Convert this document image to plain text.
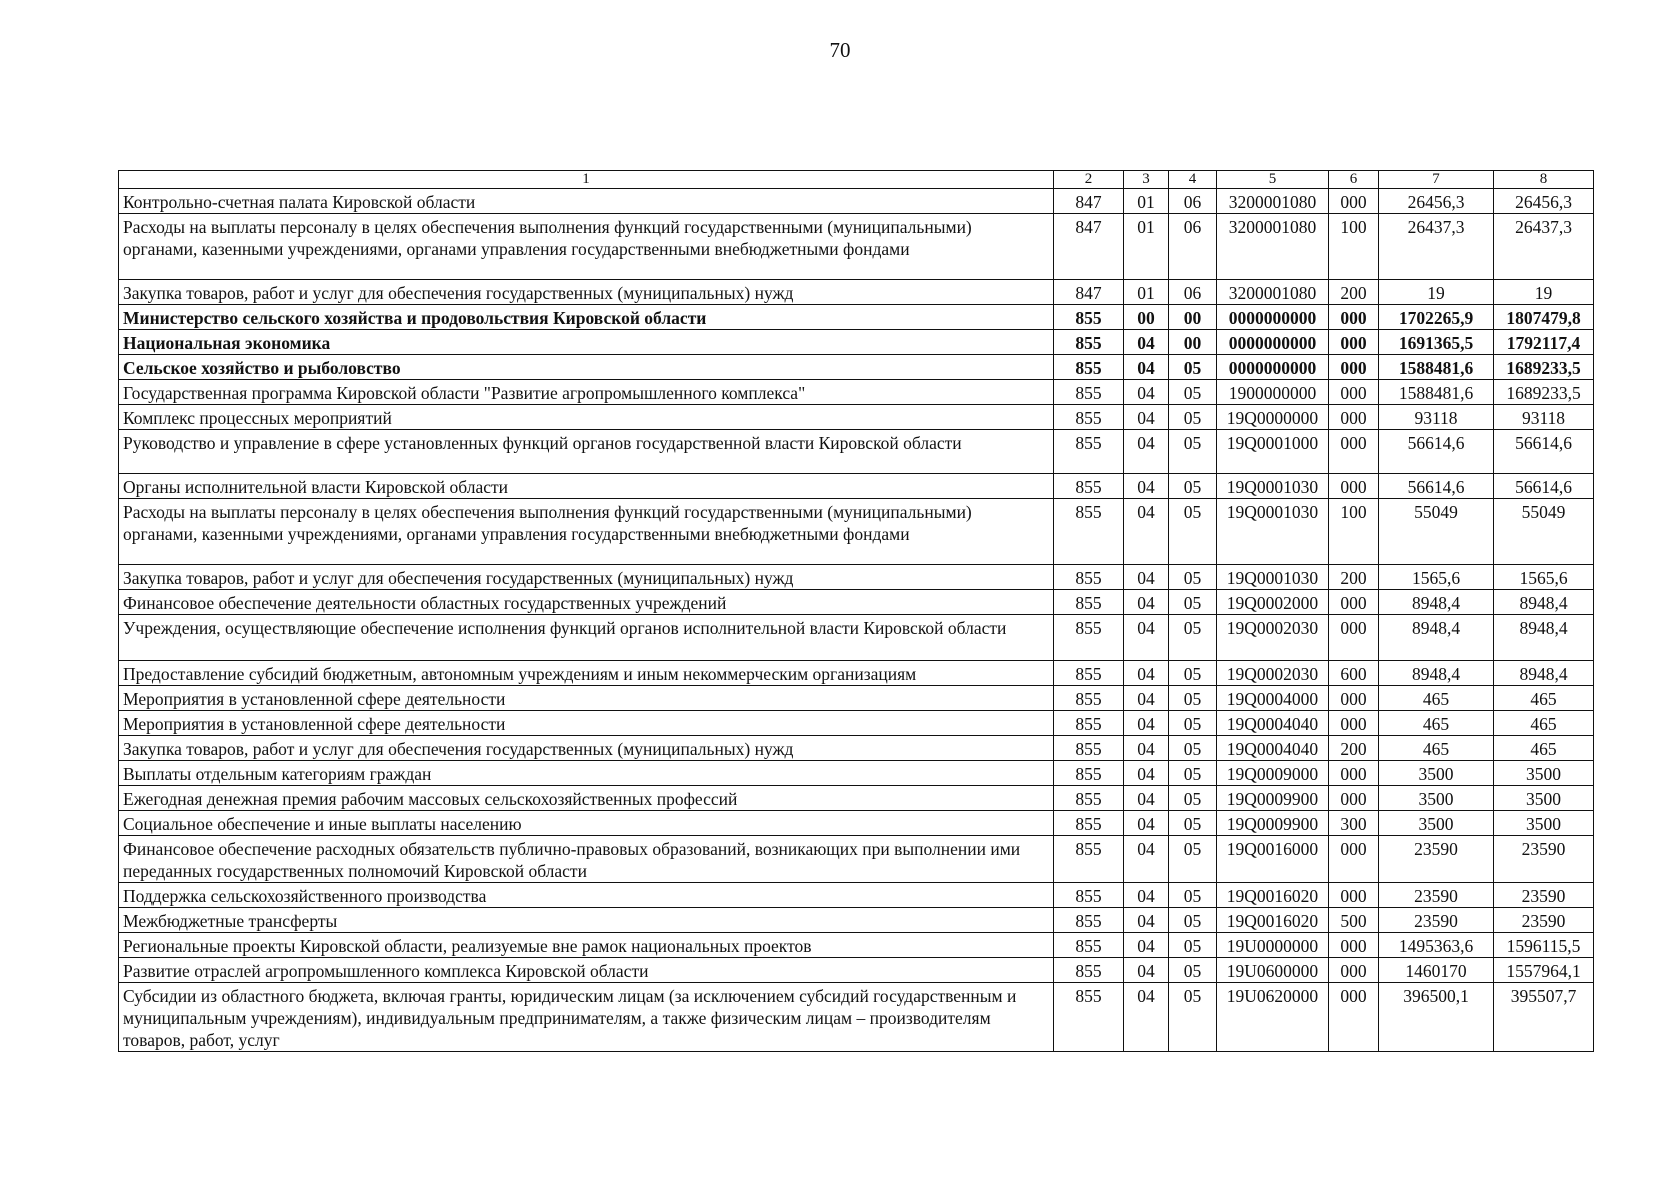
70
1	2	3	4	5	6	7	8
Контрольно-счетная палата Кировской области	847	01	06	3200001080	000	26456,3	26456,3
Расходы на выплаты персоналу в целях обеспечения выполнения функций государственными (муниципальными) органами, казенными учреждениями, органами управления государственными внебюджетными фондами	847	01	06	3200001080	100	26437,3	26437,3
Закупка товаров, работ и услуг для обеспечения государственных (муниципальных) нужд	847	01	06	3200001080	200	19	19
Министерство сельского хозяйства и продовольствия Кировской области	855	00	00	0000000000	000	1702265,9	1807479,8
Национальная экономика	855	04	00	0000000000	000	1691365,5	1792117,4
Сельское хозяйство и рыболовство	855	04	05	0000000000	000	1588481,6	1689233,5
Государственная программа Кировской области "Развитие агропромышленного комплекса"	855	04	05	1900000000	000	1588481,6	1689233,5
Комплекс процессных мероприятий	855	04	05	19Q0000000	000	93118	93118
Руководство и управление в сфере установленных функций органов государственной власти Кировской области	855	04	05	19Q0001000	000	56614,6	56614,6
Органы исполнительной власти Кировской области	855	04	05	19Q0001030	000	56614,6	56614,6
Расходы на выплаты персоналу в целях обеспечения выполнения функций государственными (муниципальными) органами, казенными учреждениями, органами управления государственными внебюджетными фондами	855	04	05	19Q0001030	100	55049	55049
Закупка товаров, работ и услуг для обеспечения государственных (муниципальных) нужд	855	04	05	19Q0001030	200	1565,6	1565,6
Финансовое обеспечение деятельности областных государственных учреждений	855	04	05	19Q0002000	000	8948,4	8948,4
Учреждения, осуществляющие обеспечение исполнения функций органов исполнительной власти Кировской области	855	04	05	19Q0002030	000	8948,4	8948,4
Предоставление субсидий бюджетным, автономным учреждениям и иным некоммерческим организациям	855	04	05	19Q0002030	600	8948,4	8948,4
Мероприятия в установленной сфере деятельности	855	04	05	19Q0004000	000	465	465
Мероприятия в установленной сфере деятельности	855	04	05	19Q0004040	000	465	465
Закупка товаров, работ и услуг для обеспечения государственных (муниципальных) нужд	855	04	05	19Q0004040	200	465	465
Выплаты отдельным категориям граждан	855	04	05	19Q0009000	000	3500	3500
Ежегодная денежная премия рабочим массовых сельскохозяйственных профессий	855	04	05	19Q0009900	000	3500	3500
Социальное обеспечение и иные выплаты населению	855	04	05	19Q0009900	300	3500	3500
Финансовое обеспечение расходных обязательств публично-правовых образований, возникающих при выполнении ими переданных государственных полномочий Кировской области	855	04	05	19Q0016000	000	23590	23590
Поддержка сельскохозяйственного производства	855	04	05	19Q0016020	000	23590	23590
Межбюджетные трансферты	855	04	05	19Q0016020	500	23590	23590
Региональные проекты Кировской области, реализуемые вне рамок национальных проектов	855	04	05	19U0000000	000	1495363,6	1596115,5
Развитие отраслей агропромышленного комплекса Кировской области	855	04	05	19U0600000	000	1460170	1557964,1
Субсидии из областного бюджета, включая гранты, юридическим лицам (за исключением субсидий государственным и муниципальным учреждениям), индивидуальным предпринимателям, а также физическим лицам – производителям товаров, работ, услуг	855	04	05	19U0620000	000	396500,1	395507,7
